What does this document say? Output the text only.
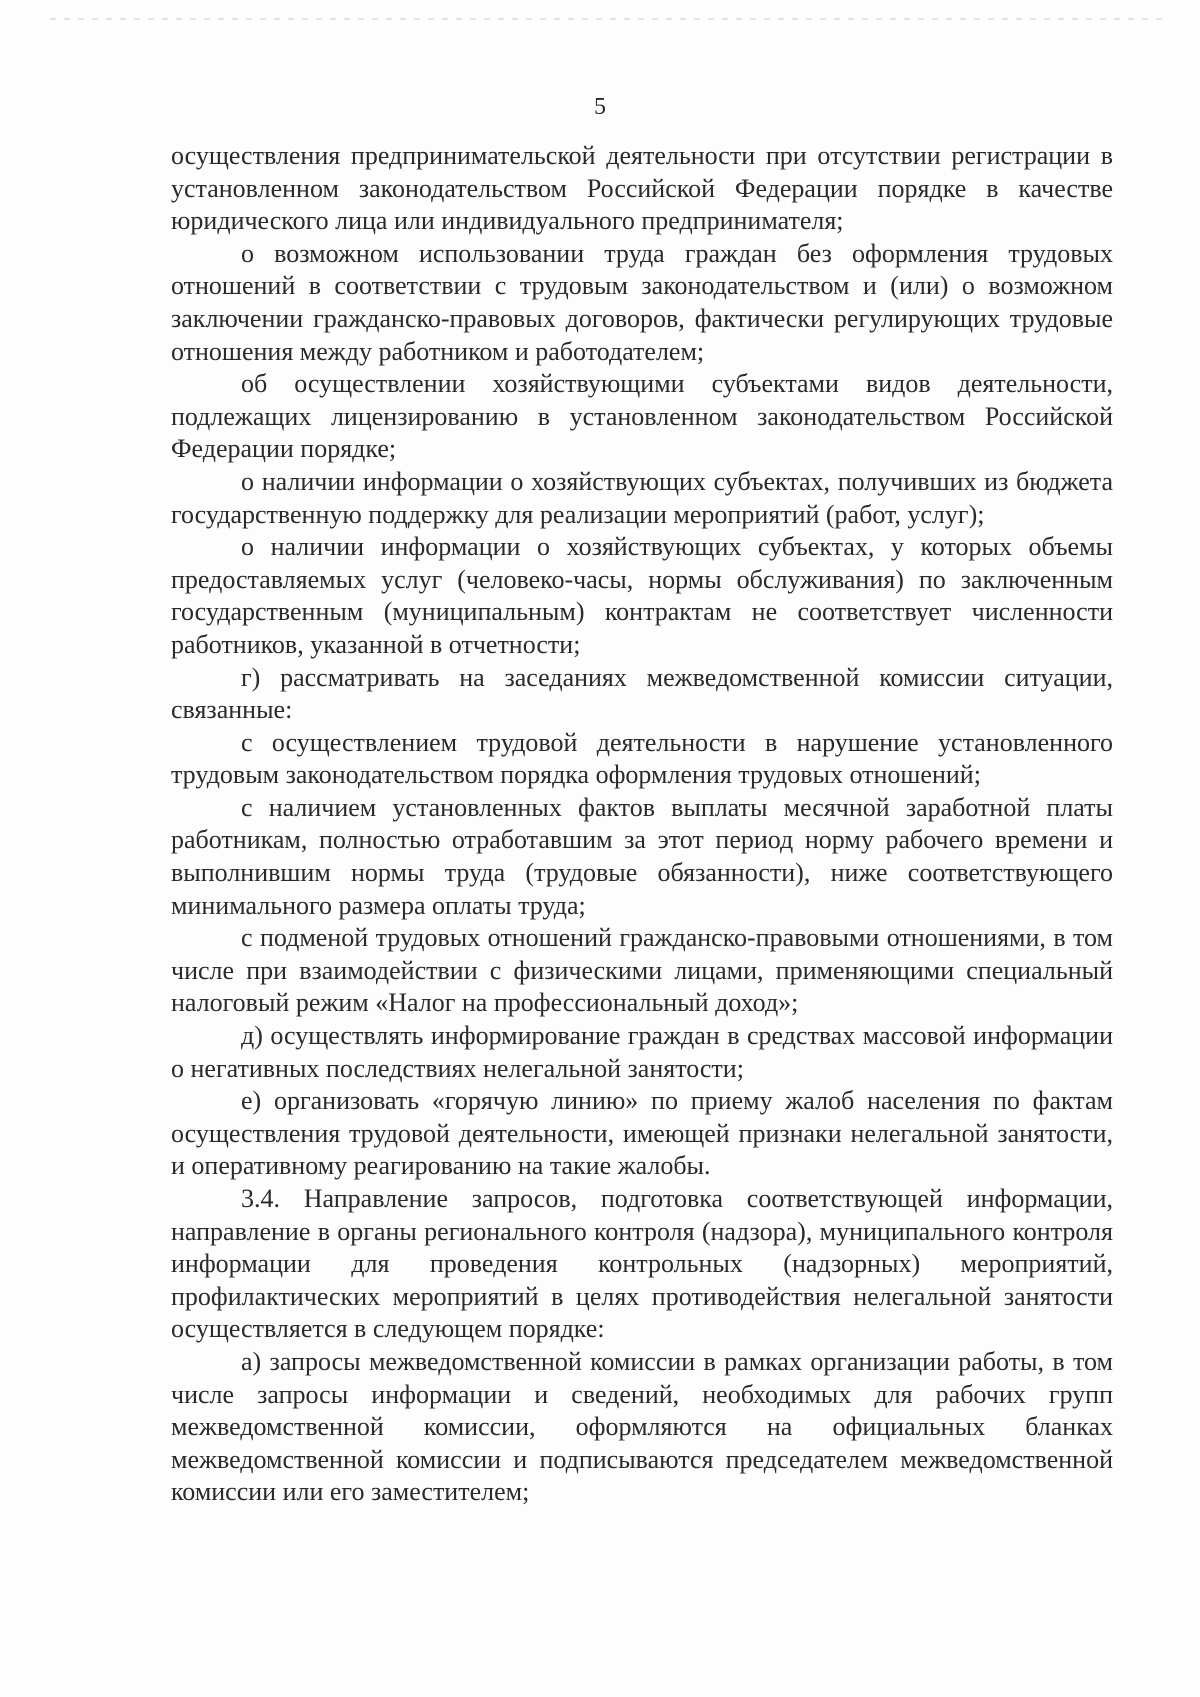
5

осуществления предпринимательской деятельности при отсутствии регистрации в установленном законодательством Российской Федерации порядке в качестве юридического лица или индивидуального предпринимателя;

о возможном использовании труда граждан без оформления трудовых отношений в соответствии с трудовым законодательством и (или) о возможном заключении гражданско-правовых договоров, фактически регулирующих трудовые отношения между работником и работодателем;

об осуществлении хозяйствующими субъектами видов деятельности, подлежащих лицензированию в установленном законодательством Российской Федерации порядке;

о наличии информации о хозяйствующих субъектах, получивших из бюджета государственную поддержку для реализации мероприятий (работ, услуг);

о наличии информации о хозяйствующих субъектах, у которых объемы предоставляемых услуг (человеко-часы, нормы обслуживания) по заключенным государственным (муниципальным) контрактам не соответствует численности работников, указанной в отчетности;

г) рассматривать на заседаниях межведомственной комиссии ситуации, связанные:

с осуществлением трудовой деятельности в нарушение установленного трудовым законодательством порядка оформления трудовых отношений;

с наличием установленных фактов выплаты месячной заработной платы работникам, полностью отработавшим за этот период норму рабочего времени и выполнившим нормы труда (трудовые обязанности), ниже соответствующего минимального размера оплаты труда;

с подменой трудовых отношений гражданско-правовыми отношениями, в том числе при взаимодействии с физическими лицами, применяющими специальный налоговый режим «Налог на профессиональный доход»;

д) осуществлять информирование граждан в средствах массовой информации о негативных последствиях нелегальной занятости;

е) организовать «горячую линию» по приему жалоб населения по фактам осуществления трудовой деятельности, имеющей признаки нелегальной занятости, и оперативному реагированию на такие жалобы.

3.4. Направление запросов, подготовка соответствующей информации, направление в органы регионального контроля (надзора), муниципального контроля информации для проведения контрольных (надзорных) мероприятий, профилактических мероприятий в целях противодействия нелегальной занятости осуществляется в следующем порядке:

а) запросы межведомственной комиссии в рамках организации работы, в том числе запросы информации и сведений, необходимых для рабочих групп межведомственной комиссии, оформляются на официальных бланках межведомственной комиссии и подписываются председателем межведомственной комиссии или его заместителем;
